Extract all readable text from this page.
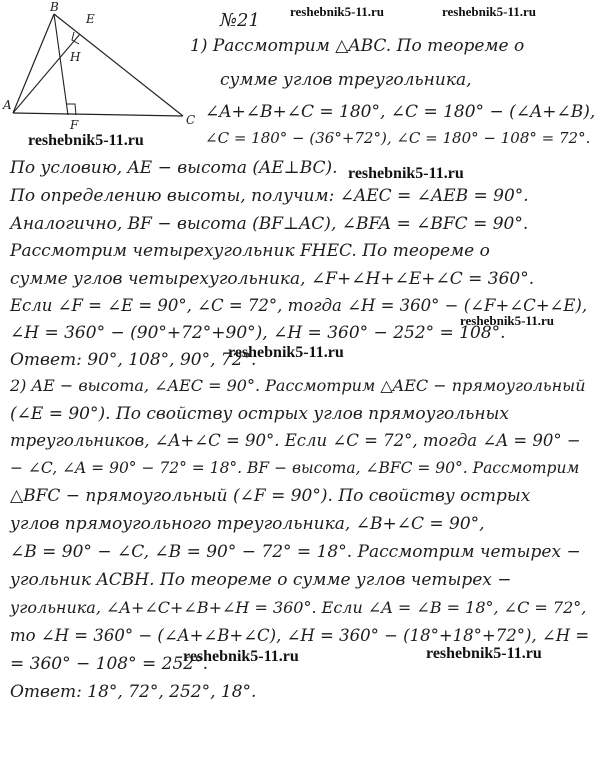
B
E
H
A
F	C
reshebnik5-11.ru	reshebnik5-11.ru
reshebnik5-11.ru
reshebnik5-11.ru
reshebnik5-11.ru
reshebnik5-11.ru
reshebnik5-11.ru	reshebnik5-11.ru
№21
1) Рассмотрим △ABC. По теореме о
сумме углов треугольника,
∠A+∠B+∠C = 180°, ∠C = 180° − (∠A+∠B),
∠C = 180° − (36°+72°), ∠C = 180° − 108° = 72°.
По условию, AE − высота (AE⊥BC).
По определению высоты, получим: ∠AEC = ∠AEB = 90°.
Аналогично, BF − высота (BF⊥AC), ∠BFA = ∠BFC = 90°.
Рассмотрим четырехугольник FHEC. По теореме о
сумме углов четырехугольника, ∠F+∠H+∠E+∠C = 360°.
Если ∠F = ∠E = 90°, ∠C = 72°, тогда ∠H = 360° − (∠F+∠C+∠E),
∠H = 360° − (90°+72°+90°), ∠H = 360° − 252° = 108°.
Ответ: 90°, 108°, 90°, 72°.
2) AE − высота, ∠AEC = 90°. Рассмотрим △AEC − прямоугольный
(∠E = 90°). По свойству острых углов прямоугольных
треугольников, ∠A+∠C = 90°. Если ∠C = 72°, тогда ∠A = 90° −
− ∠C, ∠A = 90° − 72° = 18°. BF − высота, ∠BFC = 90°. Рассмотрим
△BFC − прямоугольный (∠F = 90°). По свойству острых
углов прямоугольного треугольника, ∠B+∠C = 90°,
∠B = 90° − ∠C, ∠B = 90° − 72° = 18°. Рассмотрим четырех −
угольник ACBH. По теореме о сумме углов четырех −
угольника, ∠A+∠C+∠B+∠H = 360°. Если ∠A = ∠B = 18°, ∠C = 72°,
то ∠H = 360° − (∠A+∠B+∠C), ∠H = 360° − (18°+18°+72°), ∠H =
= 360° − 108° = 252°.
Ответ: 18°, 72°, 252°, 18°.
